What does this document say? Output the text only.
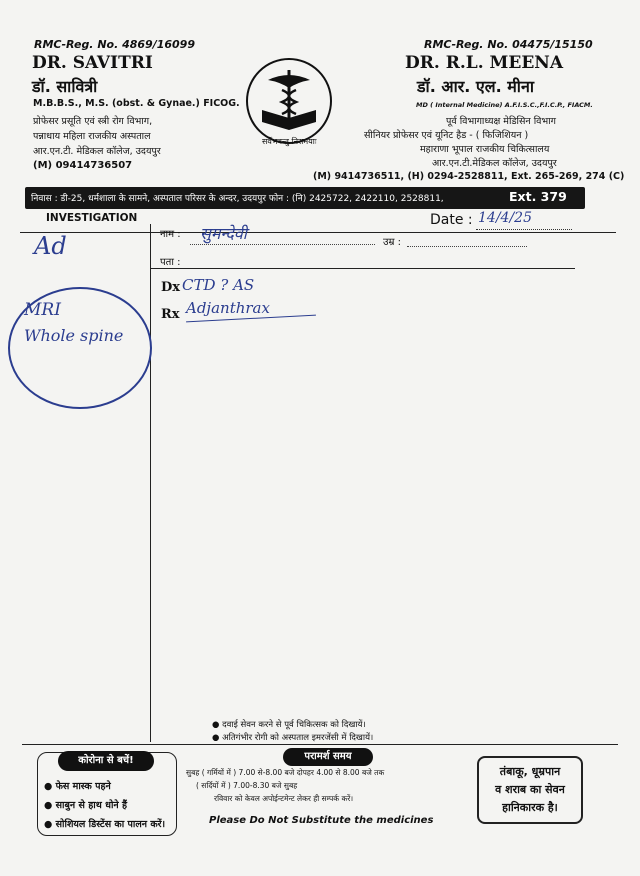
RMC-Reg. No. 4869/16099
DR. SAVITRI
डॉ. सावित्री
M.B.B.S., M.S. (obst. & Gynae.) FICOG.
प्रोफेसर प्रसूति एवं स्त्री रोग विभाग,
पन्नाधाय महिला राजकीय अस्पताल
आर.एन.टी. मेडिकल कॉलेज, उदयपुर
(M) 09414736507
सर्वेभवन्तु निरामयाः
RMC-Reg. No. 04475/15150
DR. R.L. MEENA
डॉ. आर. एल. मीना
MD ( Internal Medicine) A.F.I.S.C.,F.I.C.P., FIACM.
पूर्व विभागाध्यक्ष मेडिसिन विभाग
सीनियर प्रोफेसर एवं यूनिट हैड - ( फिजिशियन )
महाराणा भूपाल राजकीय चिकित्सालय
आर.एन.टी.मेडिकल कॉलेज, उदयपुर
(M) 9414736511, (H) 0294-2528811, Ext. 265-269, 274 (C)
निवास : डी-25, धर्मशाला के सामने, अस्पताल परिसर के अन्दर, उदयपुर फोन : (नि) 2425722, 2422110, 2528811,	Ext. 379
INVESTIGATION	Date : 14/4/25
नाम : सुमन्देवी	उम्र :
पता :
Ad
MRI
Whole spine
Dx CTD ? AS
Rx Adjanthrax
● दवाई सेवन करने से पूर्व चिकित्सक को दिखायें।
● अतिगंभीर रोगी को अस्पताल इमरजेंसी में दिखायें।
कोरोना से बचें!
● फेस मास्क पहने
● साबुन से हाथ धोने हैं
● सोशियल डिस्टेंस का पालन करें।
परामर्श समय
सुबह ( गर्मियों में ) 7.00 से-8.00 बजे दोपहर 4.00 से 8.00 बजे तक
( सर्दियों में ) 7.00-8.30 बजे सुबह
रविवार को केवल अपोईन्टमेन्ट लेकर ही सम्पर्क करें।
Please Do Not Substitute the medicines
तंबाकू, धूम्रपान
व शराब का सेवन
हानिकारक है।
